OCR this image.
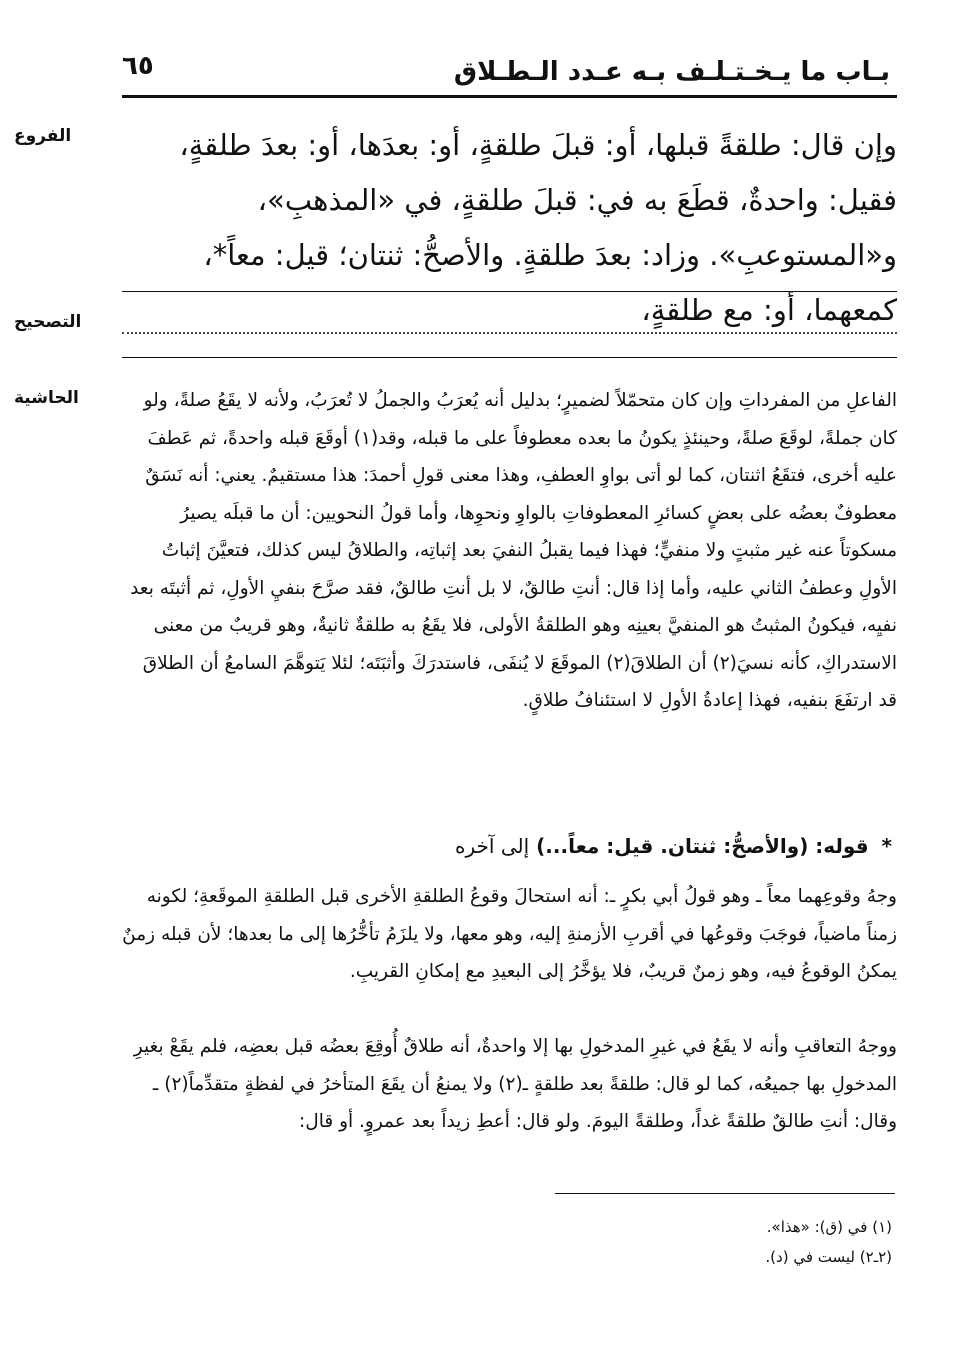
بـاب ما يـخـتـلـف بـه عـدد الـطـلاق
٦٥
الفروع	وإن قال: طلقةً قبلها، أو: قبلَ طلقةٍ، أو: بعدَها، أو: بعدَ طلقةٍ، فقيل: واحدةٌ، قطَعَ به في: قبلَ طلقةٍ، في «المذهبِ»، و«المستوعبِ». وزاد: بعدَ طلقةٍ. والأصحُّ: ثنتان؛ قيل: معاً*، كمعهما، أو: مع طلقةٍ،
التصحيح
الحاشية	الفاعلِ من المفرداتِ وإن كان متحمّلاً لضميرٍ؛ بدليل أنه يُعرَبُ والجملُ لا تُعرَبُ، ولأنه لا يقَعُ صلةً، ولو كان جملةً، لوقَعَ صلةً، وحينئذٍ يكونُ ما بعده معطوفاً على ما قبله، وقد(١) أوقَعَ قبله واحدةً، ثم عَطفَ عليه أخرى، فتقَعُ اثنتان، كما لو أتى بواوِ العطفِ، وهذا معنى قولِ أحمدَ: هذا مستقيمٌ. يعني: أنه نَسَقٌ معطوفٌ بعضُه على بعضٍ كسائرِ المعطوفاتِ بالواوِ ونحوِها، وأما قولُ النحويين: أن ما قبلَه يصيرُ مسكوتاً عنه غير مثبتٍ ولا منفيٍّ؛ فهذا فيما يقبلُ النفيَ بعد إثباتِه، والطلاقُ ليس كذلك، فتعيَّنَ إثباتُ الأولِ وعطفُ الثاني عليه، وأما إذا قال: أنتِ طالقٌ، لا بل أنتِ طالقٌ، فقد صرَّحَ بنفيِ الأولِ، ثم أثبتَه بعد نفيِه، فيكونُ المثبتُ هو المنفيَّ بعينِه وهو الطلقةُ الأولى، فلا يقَعُ به طلقةٌ ثانيةٌ، وهو قريبٌ من معنى الاستدراكِ، كأنه نسيَ(٢) أن الطلاقَ(٢) الموقَعَ لا يُنفَى، فاستدرَكَ وأثبَتَه؛ لئلا يَتوهَّمَ السامعُ أن الطلاقَ قد ارتفَعَ بنفيه، فهذا إعادةُ الأولِ لا استئنافُ طلاقٍ.
* قوله: (والأصحُّ: ثنتان. قيل: معاً...) إلى آخره
وجهُ وقوعِهما معاً ـ وهو قولُ أبي بكرٍ ـ: أنه استحالَ وقوعُ الطلقةِ الأخرى قبل الطلقةِ الموقَعةِ؛ لكونه زمناً ماضياً، فوجَبَ وقوعُها في أقربِ الأزمنةِ إليه، وهو معها، ولا يلزَمُ تأخُّرُها إلى ما بعدها؛ لأن قبله زمنٌ يمكنُ الوقوعُ فيه، وهو زمنٌ قريبٌ، فلا يؤخَّرُ إلى البعيدِ مع إمكانِ القريبِ.
ووجهُ التعاقبِ وأنه لا يقَعُ في غيرِ المدخولِ بها إلا واحدةٌ، أنه طلاقٌ أُوقِعَ بعضُه قبل بعضِه، فلم يقَعْ بغيرِ المدخولِ بها جميعُه، كما لو قال: طلقةً بعد طلقةٍ ـ(٢) ولا يمنعُ أن يقَعَ المتأخرُ في لفظةٍ متقدِّماً(٢) ـ وقال: أنتِ طالقٌ طلقةً غداً، وطلقةً اليومَ. ولو قال: أعطِ زيداً بعد عمروٍ. أو قال:
(١) في (ق): «هذا».
(٢ـ٢) ليست في (د).
